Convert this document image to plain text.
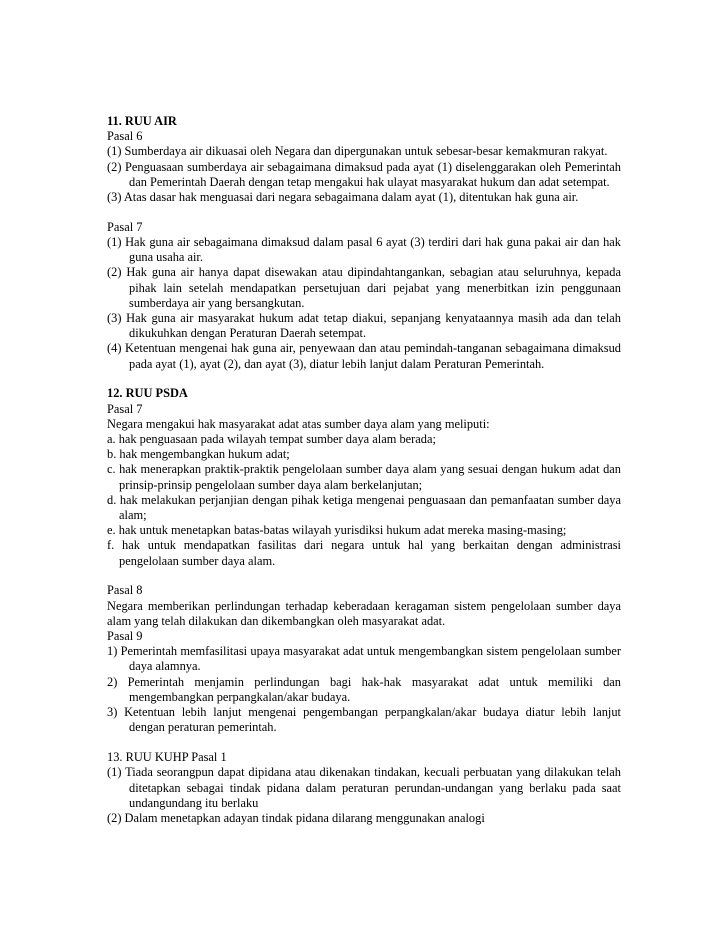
11. RUU AIR

Pasal 6

(1) Sumberdaya air dikuasai oleh Negara dan dipergunakan untuk sebesar-besar kemakmuran rakyat.

(2) Penguasaan sumberdaya air sebagaimana dimaksud pada ayat (1) diselenggarakan oleh Pemerintah dan Pemerintah Daerah dengan tetap mengakui hak ulayat masyarakat hukum dan adat setempat.

(3) Atas dasar hak menguasai dari negara sebagaimana dalam ayat (1), ditentukan hak guna air.

Pasal 7

(1) Hak guna air sebagaimana dimaksud dalam pasal 6 ayat (3) terdiri dari hak guna pakai air dan hak guna usaha air.

(2) Hak guna air hanya dapat disewakan atau dipindahtangankan, sebagian atau seluruhnya, kepada pihak lain setelah mendapatkan persetujuan dari pejabat yang menerbitkan izin penggunaan sumberdaya air yang bersangkutan.

(3) Hak guna air masyarakat hukum adat tetap diakui, sepanjang kenyataannya masih ada dan telah dikukuhkan dengan Peraturan Daerah setempat.

(4) Ketentuan mengenai hak guna air, penyewaan dan atau pemindah-tanganan sebagaimana dimaksud pada ayat (1), ayat (2), dan ayat (3), diatur lebih lanjut dalam Peraturan Pemerintah.

12. RUU PSDA

Pasal 7

Negara mengakui hak masyarakat adat atas sumber daya alam yang meliputi:

a. hak penguasaan pada wilayah tempat sumber daya alam berada;

b. hak mengembangkan hukum adat;

c. hak menerapkan praktik-praktik pengelolaan sumber daya alam yang sesuai dengan hukum adat dan prinsip-prinsip pengelolaan sumber daya alam berkelanjutan;

d. hak melakukan perjanjian dengan pihak ketiga mengenai penguasaan dan pemanfaatan sumber daya alam;

e. hak untuk menetapkan batas-batas wilayah yurisdiksi hukum adat mereka masing-masing;

f. hak untuk mendapatkan fasilitas dari negara untuk hal yang berkaitan dengan administrasi pengelolaan sumber daya alam.

Pasal 8

Negara memberikan perlindungan terhadap keberadaan keragaman sistem pengelolaan sumber daya alam yang telah dilakukan dan dikembangkan oleh masyarakat adat.

Pasal 9

1) Pemerintah memfasilitasi upaya masyarakat adat untuk mengembangkan sistem pengelolaan sumber daya alamnya.

2) Pemerintah menjamin perlindungan bagi hak-hak masyarakat adat untuk memiliki dan mengembangkan perpangkalan/akar budaya.

3) Ketentuan lebih lanjut mengenai pengembangan perpangkalan/akar budaya diatur lebih lanjut dengan peraturan pemerintah.

13. RUU KUHP Pasal 1

(1) Tiada seorangpun dapat dipidana atau dikenakan tindakan, kecuali perbuatan yang dilakukan telah ditetapkan sebagai tindak pidana dalam peraturan perundan-undangan yang berlaku pada saat undangundang itu berlaku

(2) Dalam menetapkan adayan tindak pidana dilarang menggunakan analogi
